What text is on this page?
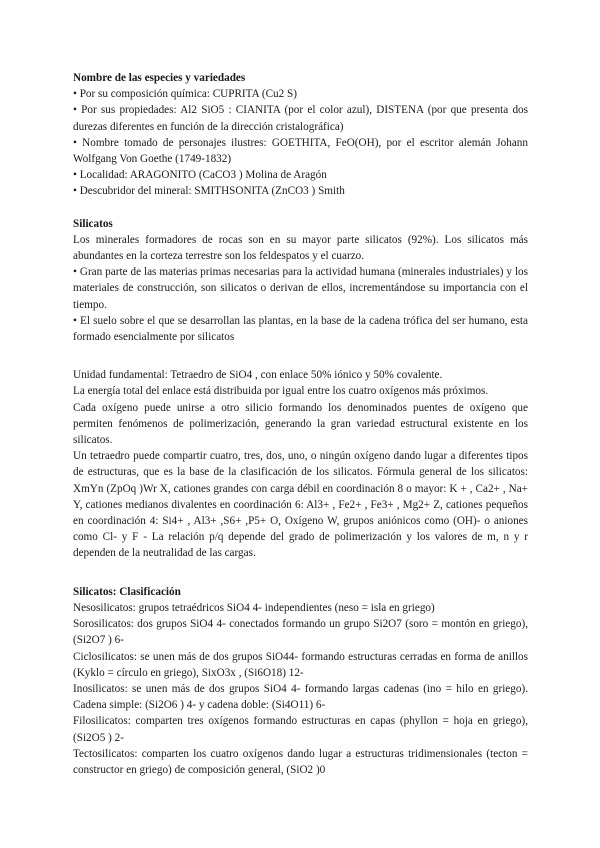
Nombre de las especies y variedades

• Por su composición química: CUPRITA (Cu2 S)

• Por sus propiedades: Al2 SiO5 : CIANITA (por el color azul), DISTENA (por que presenta dos durezas diferentes en función de la dirección cristalográfica)

• Nombre tomado de personajes ilustres: GOETHITA, FeO(OH), por el escritor alemán Johann Wolfgang Von Goethe (1749-1832)

• Localidad: ARAGONITO (CaCO3 ) Molina de Aragón

• Descubridor del mineral: SMITHSONITA (ZnCO3 ) Smith

Silicatos

Los minerales formadores de rocas son en su mayor parte silicatos (92%). Los silicatos más abundantes en la corteza terrestre son los feldespatos y el cuarzo.

• Gran parte de las materias primas necesarias para la actividad humana (minerales industriales) y los materiales de construcción, son silicatos o derivan de ellos, incrementándose su importancia con el tiempo.

• El suelo sobre el que se desarrollan las plantas, en la base de la cadena trófica del ser humano, esta formado esencialmente por silicatos

Unidad fundamental: Tetraedro de SiO4 , con enlace 50% iónico y 50% covalente.

La energía total del enlace está distribuida por igual entre los cuatro oxígenos más próximos.

Cada oxígeno puede unirse a otro silicio formando los denominados puentes de oxígeno que permiten fenómenos de polimerización, generando la gran variedad estructural existente en los silicatos.

Un tetraedro puede compartir cuatro, tres, dos, uno, o ningún oxígeno dando lugar a diferentes tipos de estructuras, que es la base de la clasificación de los silicatos. Fórmula general de los silicatos: XmYn (ZpOq )Wr X, cationes grandes con carga débil en coordinación 8 o mayor: K + , Ca2+ , Na+ Y, cationes medianos divalentes en coordinación 6: Al3+ , Fe2+ , Fe3+ , Mg2+ Z, cationes pequeños en coordinación 4: Si4+ , Al3+ ,S6+ ,P5+ O, Oxígeno W, grupos aniónicos como (OH)- o aniones como Cl- y F - La relación p/q depende del grado de polimerización y los valores de m, n y r dependen de la neutralidad de las cargas.

Silicatos: Clasificación

Nesosilicatos: grupos tetraédricos SiO4 4- independientes (neso = isla en griego)

Sorosilicatos: dos grupos SiO4 4- conectados formando un grupo Si2O7 (soro = montón en griego), (Si2O7 ) 6-

Ciclosilicatos: se unen más de dos grupos SiO44- formando estructuras cerradas en forma de anillos (Kyklo = círculo en griego), SixO3x , (Si6O18) 12-

Inosilicatos: se unen más de dos grupos SiO4 4- formando largas cadenas (ino = hilo en griego). Cadena simple: (Si2O6 ) 4- y cadena doble: (Si4O11) 6-

Filosilicatos: comparten tres oxígenos formando estructuras en capas (phyllon = hoja en griego), (Si2O5 ) 2-

Tectosilicatos: comparten los cuatro oxígenos dando lugar a estructuras tridimensionales (tecton = constructor en griego) de composición general, (SiO2 )0
